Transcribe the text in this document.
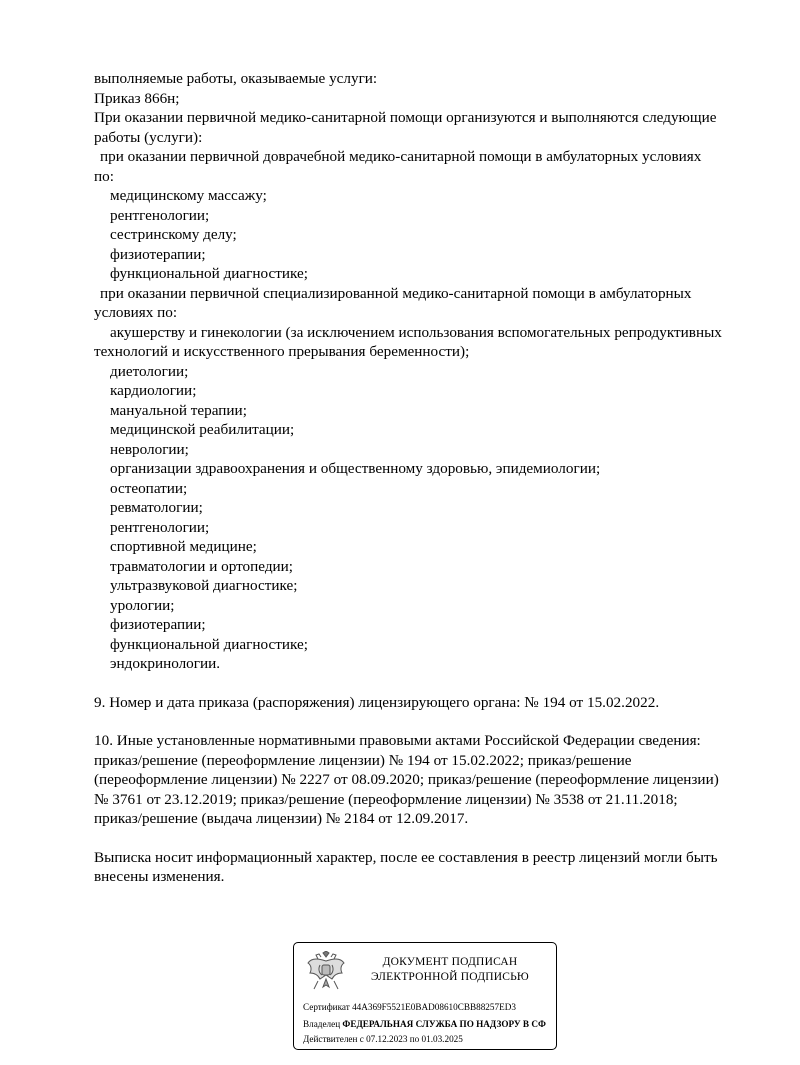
выполняемые работы, оказываемые услуги:
Приказ 866н;
При оказании первичной медико-санитарной помощи организуются и выполняются следующие
работы (услуги):
при оказании первичной доврачебной медико-санитарной помощи в амбулаторных условиях
по:
медицинскому массажу;
рентгенологии;
сестринскому делу;
физиотерапии;
функциональной диагностике;
при оказании первичной специализированной медико-санитарной помощи в амбулаторных
условиях по:
акушерству и гинекологии (за исключением использования вспомогательных репродуктивных
технологий и искусственного прерывания беременности);
диетологии;
кардиологии;
мануальной терапии;
медицинской реабилитации;
неврологии;
организации здравоохранения и общественному здоровью, эпидемиологии;
остеопатии;
ревматологии;
рентгенологии;
спортивной медицине;
травматологии и ортопедии;
ультразвуковой диагностике;
урологии;
физиотерапии;
функциональной диагностике;
эндокринологии.
9. Номер и дата приказа (распоряжения) лицензирующего органа: № 194 от 15.02.2022.
10. Иные установленные нормативными правовыми актами Российской Федерации сведения:
приказ/решение (переоформление лицензии) № 194 от 15.02.2022; приказ/решение
(переоформление лицензии) № 2227 от 08.09.2020; приказ/решение (переоформление лицензии)
№ 3761 от 23.12.2019; приказ/решение (переоформление лицензии) № 3538 от 21.11.2018;
приказ/решение (выдача лицензии) № 2184 от 12.09.2017.
Выписка носит информационный характер, после ее составления в реестр лицензий могли быть
внесены изменения.
ДОКУМЕНТ ПОДПИСАН
ЭЛЕКТРОННОЙ ПОДПИСЬЮ
Сертификат 44A369F5521E0BAD08610CBB88257ED3
Владелец ФЕДЕРАЛЬНАЯ СЛУЖБА ПО НАДЗОРУ В СФ
Действителен с 07.12.2023 по 01.03.2025
